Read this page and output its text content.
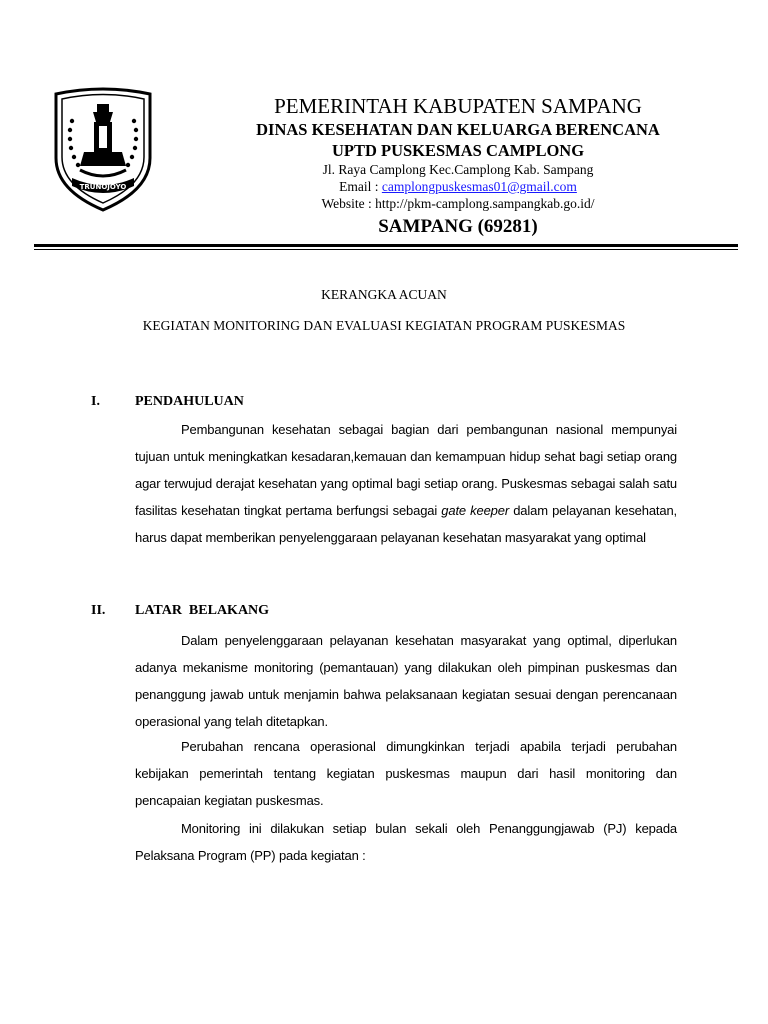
TRUNOJOYO
PEMERINTAH KABUPATEN SAMPANG
DINAS KESEHATAN DAN KELUARGA BERENCANA
UPTD PUSKESMAS CAMPLONG
Jl. Raya Camplong Kec.Camplong Kab. Sampang
Email : camplongpuskesmas01@gmail.com
Website : http://pkm-camplong.sampangkab.go.id/
SAMPANG (69281)
KERANGKA ACUAN
KEGIATAN MONITORING DAN EVALUASI KEGIATAN PROGRAM PUSKESMAS
I.	PENDAHULUAN
Pembangunan kesehatan sebagai bagian dari pembangunan nasional mempunyai tujuan untuk meningkatkan kesadaran,kemauan dan kemampuan hidup sehat bagi setiap orang agar terwujud derajat kesehatan yang optimal bagi setiap orang. Puskesmas sebagai salah satu fasilitas kesehatan tingkat pertama berfungsi sebagai gate keeper dalam pelayanan kesehatan, harus dapat memberikan penyelenggaraan pelayanan kesehatan masyarakat yang optimal
II. LATAR  BELAKANG
Dalam penyelenggaraan pelayanan kesehatan masyarakat yang optimal, diperlukan adanya mekanisme monitoring (pemantauan) yang dilakukan oleh pimpinan puskesmas dan penanggung jawab untuk menjamin bahwa pelaksanaan kegiatan sesuai dengan perencanaan operasional yang telah ditetapkan.
Perubahan rencana operasional dimungkinkan terjadi apabila terjadi perubahan kebijakan pemerintah tentang kegiatan puskesmas maupun dari hasil monitoring dan pencapaian kegiatan puskesmas.
Monitoring ini dilakukan setiap bulan sekali oleh Penanggungjawab (PJ) kepada Pelaksana Program (PP) pada kegiatan :
